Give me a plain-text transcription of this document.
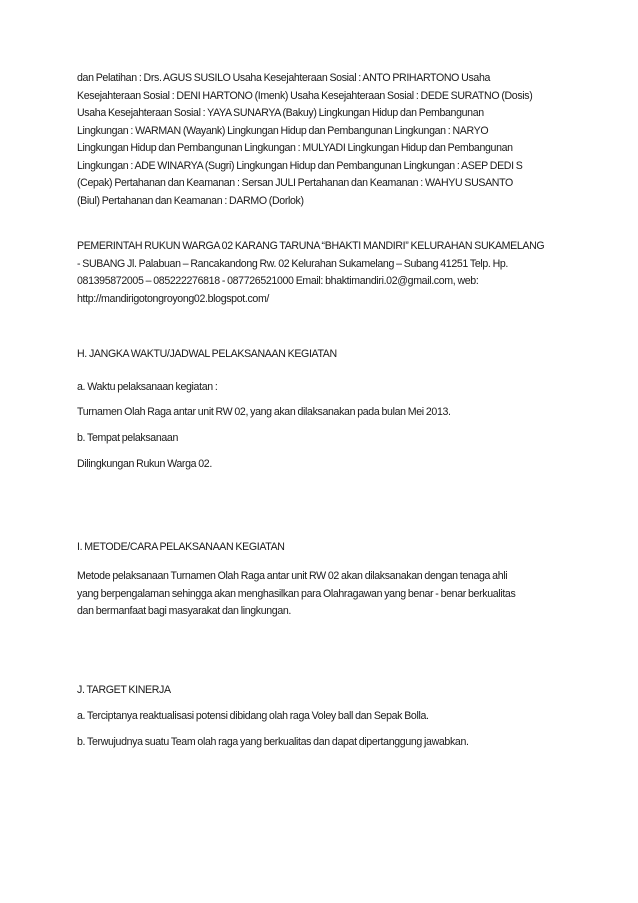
dan Pelatihan : Drs. AGUS SUSILO Usaha Kesejahteraan Sosial : ANTO PRIHARTONO Usaha
Kesejahteraan Sosial : DENI HARTONO (Imenk) Usaha Kesejahteraan Sosial : DEDE SURATNO (Dosis)
Usaha Kesejahteraan Sosial : YAYA SUNARYA (Bakuy) Lingkungan Hidup dan Pembangunan
Lingkungan : WARMAN (Wayank) Lingkungan Hidup dan Pembangunan Lingkungan : NARYO
Lingkungan Hidup dan Pembangunan Lingkungan : MULYADI Lingkungan Hidup dan Pembangunan
Lingkungan : ADE WINARYA (Sugri) Lingkungan Hidup dan Pembangunan Lingkungan : ASEP DEDI S
(Cepak) Pertahanan dan Keamanan : Sersan JULI Pertahanan dan Keamanan : WAHYU SUSANTO
(Biul) Pertahanan dan Keamanan : DARMO (Dorlok)
PEMERINTAH RUKUN WARGA 02 KARANG TARUNA “BHAKTI MANDIRI” KELURAHAN SUKAMELANG
- SUBANG Jl. Palabuan – Rancakandong Rw. 02 Kelurahan Sukamelang – Subang 41251 Telp. Hp.
081395872005 – 085222276818 - 087726521000 Email: bhaktimandiri.02@gmail.com, web:
http://mandirigotongroyong02.blogspot.com/
H. JANGKA WAKTU/JADWAL PELAKSANAAN KEGIATAN
a. Waktu pelaksanaan kegiatan :
Turnamen Olah Raga antar unit RW 02, yang akan dilaksanakan pada bulan Mei 2013.
b. Tempat pelaksanaan
Dilingkungan Rukun Warga 02.
I. METODE/CARA PELAKSANAAN KEGIATAN
Metode pelaksanaan Turnamen Olah Raga antar unit RW 02 akan dilaksanakan dengan tenaga ahli
yang berpengalaman sehingga akan menghasilkan para Olahragawan yang benar - benar berkualitas
dan bermanfaat bagi masyarakat dan lingkungan.
J. TARGET KINERJA
a. Terciptanya reaktualisasi potensi dibidang olah raga Voley ball dan Sepak Bolla.
b. Terwujudnya suatu Team olah raga yang berkualitas dan dapat dipertanggung jawabkan.
